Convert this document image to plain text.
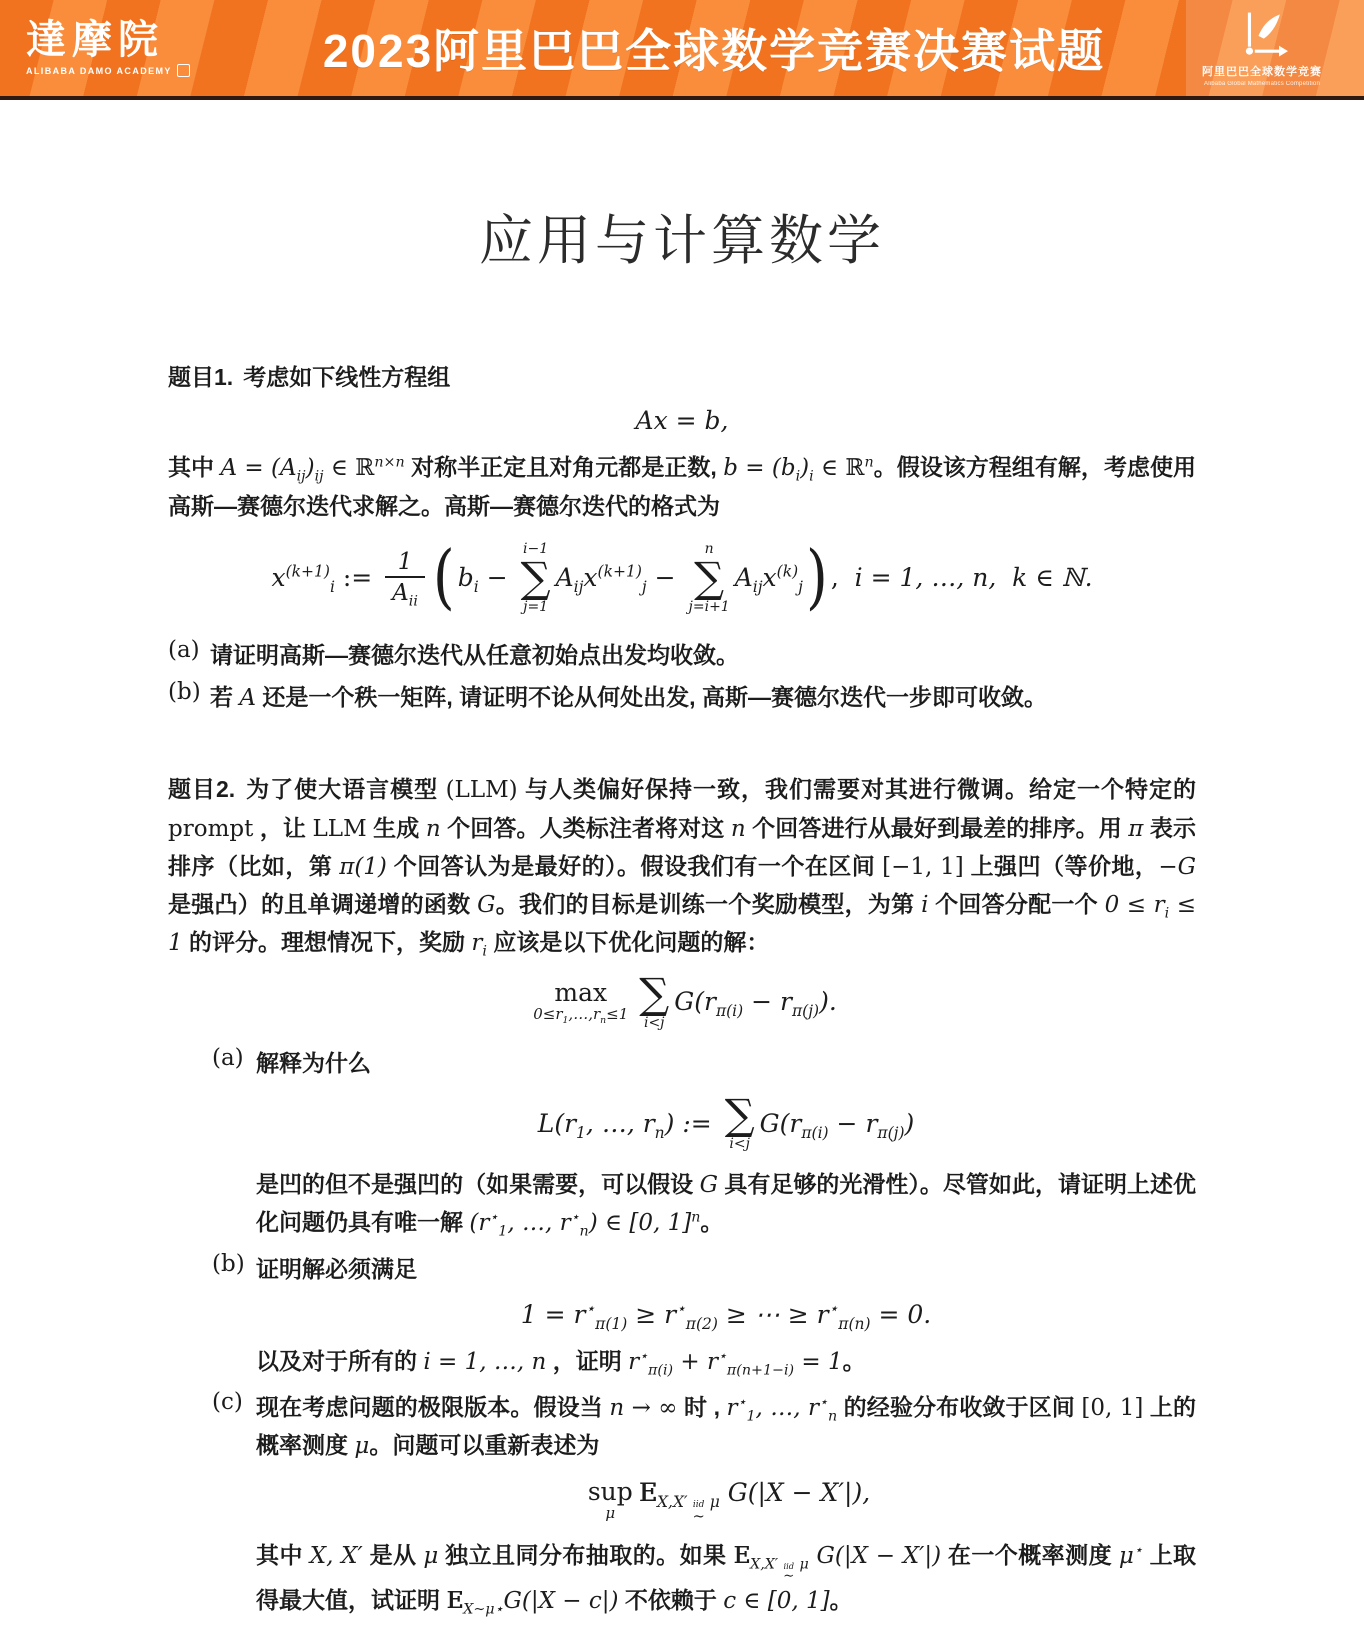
達摩院
ALIBABA DAMO ACADEMY	2023阿里巴巴全球数学竞赛决赛试题	阿里巴巴全球数学竞赛
Alibaba Global Mathematics Competition
应用与计算数学

题目1. 考虑如下线性方程组

Ax = b,

其中 $A = (A_{ij})_{ij}$ ∈ ℝ$^{n\times n}$ 对称半正定且对角元都是正数, $b = (b_i)_i$ ∈ ℝ$^n$。假设该方程组有解，考虑使用高斯—赛德尔迭代求解之。高斯—赛德尔迭代的格式为

$x^{(k+1)}_i$ := $\frac{1}{A_{ii}}$ ( $b_i$ −
i−1
∑
j=1
$A_{ij}x^{(k+1)}_j$ −
n
∑
j=i+1
$A_{ij}x^{(k)}_j$ ) ,  i = 1, …, n,  k ∈ ℕ.
(a) 请证明高斯—赛德尔迭代从任意初始点出发均收敛。

(b) 若 A 还是一个秩一矩阵, 请证明不论从何处出发, 高斯—赛德尔迭代一步即可收敛。

题目2. 为了使大语言模型 (LLM) 与人类偏好保持一致，我们需要对其进行微调。给定一个特定的 prompt ，让 LLM 生成 n 个回答。人类标注者将对这 n 个回答进行从最好到最差的排序。用 π 表示排序（比如，第 π(1) 个回答认为是最好的）。假设我们有一个在区间 [−1, 1] 上强凹（等价地，−G 是强凸）的且单调递增的函数 G。我们的目标是训练一个奖励模型，为第 i 个回答分配一个 $0 \le r_i \le 1$ 的评分。理想情况下，奖励 $r_i$ 应该是以下优化问题的解：

max
$0\le r_1,\dots,r_n\le 1$ ∑
i<j
$G(r_{\pi(i)} - r_{\pi(j)})$.
(a) 解释为什么

$L(r_1$, …, $r_n$) := ∑
i<j
$G(r_{\pi(i)} - r_{\pi(j)})$

是凹的但不是强凹的（如果需要，可以假设 G 具有足够的光滑性）。尽管如此，请证明上述优化问题仍具有唯一解 ($r^⋆_1$, …, $r^⋆_n$) ∈ [0, 1]$^n$。

(b) 证明解必须满足

$1 = r^⋆_{\pi(1)} \ge r^⋆_{\pi(2)}$ ≥ ⋯ ≥ $r^⋆_{\pi(n)} = 0$.

以及对于所有的 i = 1, …, n ，证明 $r^⋆_{\pi(i)} + r^⋆_{\pi(n+1-i)} = 1$。

(c) 现在考虑问题的极限版本。假设当 n → ∞ 时 , $r^⋆_1$, …, $r^⋆_n$ 的经验分布收敛于区间 [0, 1] 上的概率测度 μ。问题可以重新表述为

sup
μ
$E_{X,X'}$ $_{iid \sim}$
$_\mu$ G(|X − X′|),

其中 X, X′ 是从 μ 独立且同分布抽取的。如果 $E_{X,X'}$ $_{iid \sim}$
$_\mu$ G(|X − X′|) 在一个概率测度 μ⋆ 上取得最大值，试证明 $E_{X\sim\mu⋆}G(|X - c|)$ 不依赖于 c ∈ [0, 1]。
